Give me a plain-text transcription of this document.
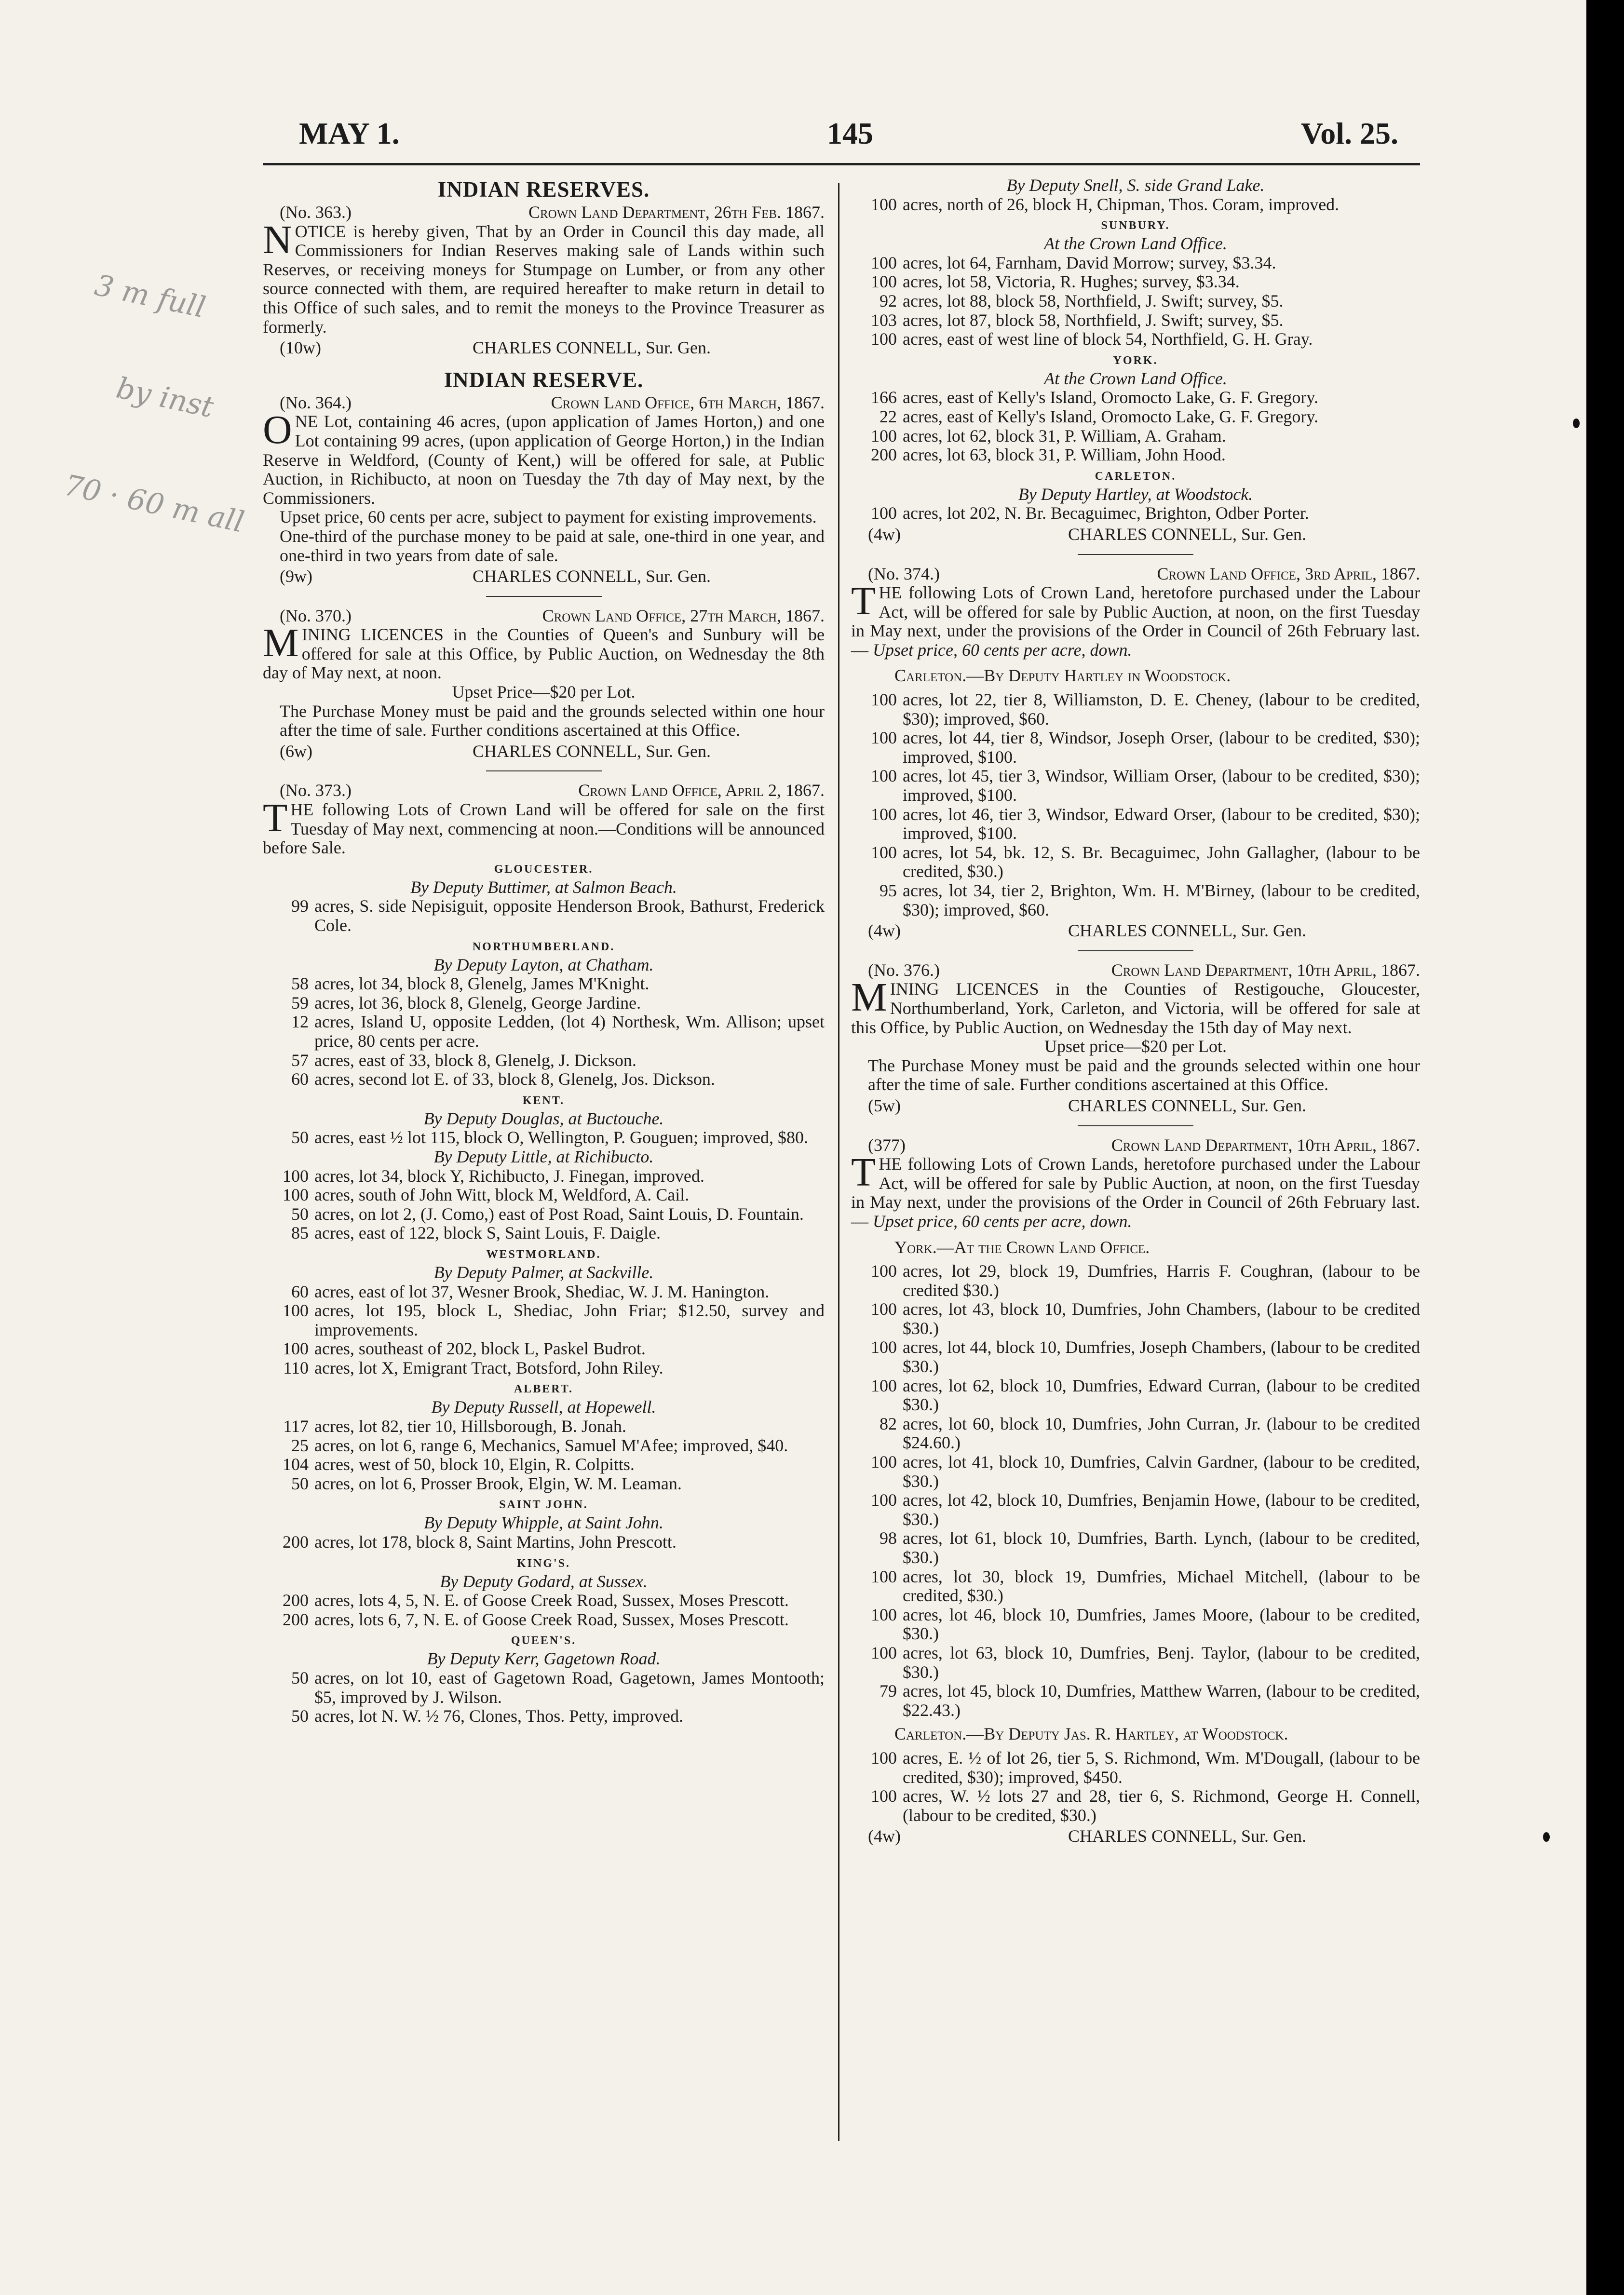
3 m full
by inst
70 · 60 m all
MAY 1.	145	Vol. 25.
INDIAN RESERVES.
(No. 363.)	Crown Land Department, 26th Feb. 1867.
NOTICE is hereby given, That by an Order in Council this day made, all Commissioners for Indian Reserves making sale of Lands within such Reserves, or receiving moneys for Stumpage on Lumber, or from any other source connected with them, are required hereafter to make return in detail to this Office of such sales, and to remit the moneys to the Province Treasurer as formerly.
(10w)	CHARLES CONNELL, Sur. Gen.
INDIAN RESERVE.
(No. 364.)	Crown Land Office, 6th March, 1867.
ONE Lot, containing 46 acres, (upon application of James Horton,) and one Lot containing 99 acres, (upon application of George Horton,) in the Indian Reserve in Weldford, (County of Kent,) will be offered for sale, at Public Auction, in Richibucto, at noon on Tuesday the 7th day of May next, by the Commissioners.
Upset price, 60 cents per acre, subject to payment for existing improvements.
One-third of the purchase money to be paid at sale, one-third in one year, and one-third in two years from date of sale.
(9w)	CHARLES CONNELL, Sur. Gen.
(No. 370.)	Crown Land Office, 27th March, 1867.
MINING LICENCES in the Counties of Queen's and Sunbury will be offered for sale at this Office, by Public Auction, on Wednesday the 8th day of May next, at noon.
Upset Price—$20 per Lot.
The Purchase Money must be paid and the grounds selected within one hour after the time of sale. Further conditions ascertained at this Office.
(6w)	CHARLES CONNELL, Sur. Gen.
(No. 373.)	Crown Land Office, April 2, 1867.
THE following Lots of Crown Land will be offered for sale on the first Tuesday of May next, commencing at noon.—Conditions will be announced before Sale.
GLOUCESTER.
By Deputy Buttimer, at Salmon Beach.
99 acres, S. side Nepisiguit, opposite Henderson Brook, Bathurst, Frederick Cole.
NORTHUMBERLAND.
By Deputy Layton, at Chatham.
58 acres, lot 34, block 8, Glenelg, James M'Knight.
59 acres, lot 36, block 8, Glenelg, George Jardine.
12 acres, Island U, opposite Ledden, (lot 4) Northesk, Wm. Allison; upset price, 80 cents per acre.
57 acres, east of 33, block 8, Glenelg, J. Dickson.
60 acres, second lot E. of 33, block 8, Glenelg, Jos. Dickson.
KENT.
By Deputy Douglas, at Buctouche.
50 acres, east ½ lot 115, block O, Wellington, P. Gouguen; improved, $80.
By Deputy Little, at Richibucto.
100 acres, lot 34, block Y, Richibucto, J. Finegan, improved.
100 acres, south of John Witt, block M, Weldford, A. Cail.
50 acres, on lot 2, (J. Como,) east of Post Road, Saint Louis, D. Fountain.
85 acres, east of 122, block S, Saint Louis, F. Daigle.
WESTMORLAND.
By Deputy Palmer, at Sackville.
60 acres, east of lot 37, Wesner Brook, Shediac, W. J. M. Hanington.
100 acres, lot 195, block L, Shediac, John Friar; $12.50, survey and improvements.
100 acres, southeast of 202, block L, Paskel Budrot.
110 acres, lot X, Emigrant Tract, Botsford, John Riley.
ALBERT.
By Deputy Russell, at Hopewell.
117 acres, lot 82, tier 10, Hillsborough, B. Jonah.
25 acres, on lot 6, range 6, Mechanics, Samuel M'Afee; improved, $40.
104 acres, west of 50, block 10, Elgin, R. Colpitts.
50 acres, on lot 6, Prosser Brook, Elgin, W. M. Leaman.
SAINT JOHN.
By Deputy Whipple, at Saint John.
200 acres, lot 178, block 8, Saint Martins, John Prescott.
KING'S.
By Deputy Godard, at Sussex.
200 acres, lots 4, 5, N. E. of Goose Creek Road, Sussex, Moses Prescott.
200 acres, lots 6, 7, N. E. of Goose Creek Road, Sussex, Moses Prescott.
QUEEN'S.
By Deputy Kerr, Gagetown Road.
50 acres, on lot 10, east of Gagetown Road, Gagetown, James Montooth; $5, improved by J. Wilson.
50 acres, lot N. W. ½ 76, Clones, Thos. Petty, improved.
By Deputy Snell, S. side Grand Lake.
100 acres, north of 26, block H, Chipman, Thos. Coram, improved.
SUNBURY.
At the Crown Land Office.
100 acres, lot 64, Farnham, David Morrow; survey, $3.34.
100 acres, lot 58, Victoria, R. Hughes; survey, $3.34.
92 acres, lot 88, block 58, Northfield, J. Swift; survey, $5.
103 acres, lot 87, block 58, Northfield, J. Swift; survey, $5.
100 acres, east of west line of block 54, Northfield, G. H. Gray.
YORK.
At the Crown Land Office.
166 acres, east of Kelly's Island, Oromocto Lake, G. F. Gregory.
22 acres, east of Kelly's Island, Oromocto Lake, G. F. Gregory.
100 acres, lot 62, block 31, P. William, A. Graham.
200 acres, lot 63, block 31, P. William, John Hood.
CARLETON.
By Deputy Hartley, at Woodstock.
100 acres, lot 202, N. Br. Becaguimec, Brighton, Odber Porter.
(4w)	CHARLES CONNELL, Sur. Gen.
(No. 374.)	Crown Land Office, 3rd April, 1867.
THE following Lots of Crown Land, heretofore purchased under the Labour Act, will be offered for sale by Public Auction, at noon, on the first Tuesday in May next, under the provisions of the Order in Council of 26th February last.— Upset price, 60 cents per acre, down.
Carleton.—By Deputy Hartley in Woodstock.
100 acres, lot 22, tier 8, Williamston, D. E. Cheney, (labour to be credited, $30); improved, $60.
100 acres, lot 44, tier 8, Windsor, Joseph Orser, (labour to be credited, $30); improved, $100.
100 acres, lot 45, tier 3, Windsor, William Orser, (labour to be credited, $30); improved, $100.
100 acres, lot 46, tier 3, Windsor, Edward Orser, (labour to be credited, $30); improved, $100.
100 acres, lot 54, bk. 12, S. Br. Becaguimec, John Gallagher, (labour to be credited, $30.)
95 acres, lot 34, tier 2, Brighton, Wm. H. M'Birney, (labour to be credited, $30); improved, $60.
(4w)	CHARLES CONNELL, Sur. Gen.
(No. 376.)	Crown Land Department, 10th April, 1867.
MINING LICENCES in the Counties of Restigouche, Gloucester, Northumberland, York, Carleton, and Victoria, will be offered for sale at this Office, by Public Auction, on Wednesday the 15th day of May next.
Upset price—$20 per Lot.
The Purchase Money must be paid and the grounds selected within one hour after the time of sale. Further conditions ascertained at this Office.
(5w)	CHARLES CONNELL, Sur. Gen.
(377)	Crown Land Department, 10th April, 1867.
THE following Lots of Crown Lands, heretofore purchased under the Labour Act, will be offered for sale by Public Auction, at noon, on the first Tuesday in May next, under the provisions of the Order in Council of 26th February last.— Upset price, 60 cents per acre, down.
York.—At the Crown Land Office.
100 acres, lot 29, block 19, Dumfries, Harris F. Coughran, (labour to be credited $30.)
100 acres, lot 43, block 10, Dumfries, John Chambers, (labour to be credited $30.)
100 acres, lot 44, block 10, Dumfries, Joseph Chambers, (labour to be credited $30.)
100 acres, lot 62, block 10, Dumfries, Edward Curran, (labour to be credited $30.)
82 acres, lot 60, block 10, Dumfries, John Curran, Jr. (labour to be credited $24.60.)
100 acres, lot 41, block 10, Dumfries, Calvin Gardner, (labour to be credited, $30.)
100 acres, lot 42, block 10, Dumfries, Benjamin Howe, (labour to be credited, $30.)
98 acres, lot 61, block 10, Dumfries, Barth. Lynch, (labour to be credited, $30.)
100 acres, lot 30, block 19, Dumfries, Michael Mitchell, (labour to be credited, $30.)
100 acres, lot 46, block 10, Dumfries, James Moore, (labour to be credited, $30.)
100 acres, lot 63, block 10, Dumfries, Benj. Taylor, (labour to be credited, $30.)
79 acres, lot 45, block 10, Dumfries, Matthew Warren, (labour to be credited, $22.43.)
Carleton.—By Deputy Jas. R. Hartley, at Woodstock.
100 acres, E. ½ of lot 26, tier 5, S. Richmond, Wm. M'Dougall, (labour to be credited, $30); improved, $450.
100 acres, W. ½ lots 27 and 28, tier 6, S. Richmond, George H. Connell, (labour to be credited, $30.)
(4w)	CHARLES CONNELL, Sur. Gen.
